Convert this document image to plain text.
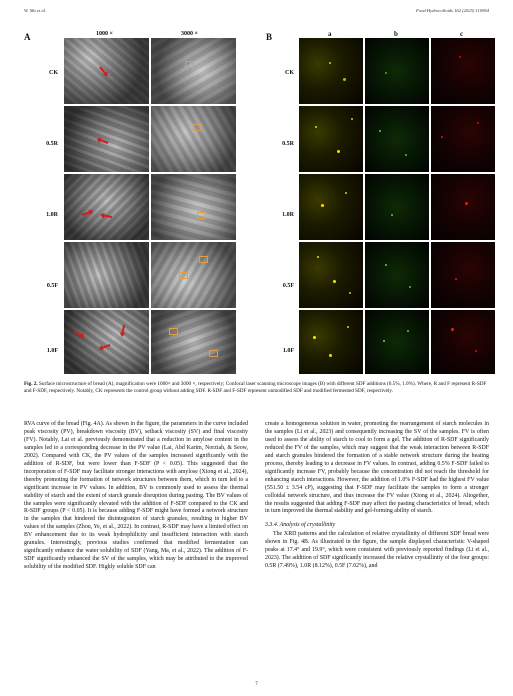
W. Ma et al.	Food Hydrocolloids 162 (2025) 110964
A	B
1000 ×	3000 ×	a	b	c
CK
0.5R
1.0R
0.5F
1.0F
CK
0.5R
1.0R
0.5F
1.0F
Fig. 2. Surface microstructure of bread (A), magnification were 1000× and 3000 ×, respectively; Confocal laser scanning microscope images (B) with different SDF additions (0.5%, 1.0%). Where, R and F represent R-SDF and F-SDF, respectively. Notably, CK represents the control group without adding SDF. R-SDF and F-SDF represent unmodified SDF and modified fermented SDF, respectively.

RVA curve of the bread (Fig. 4A). As shown in the figure, the parameters in the curve included peak viscosity (PV), breakdown viscosity (BV), setback viscosity (SV) and final viscosity (FV). Notably, Lai et al. previously demonstrated that a reduction in amylose content in the samples led to a corresponding decrease in the PV value (Lai, Abd Karim, Norziah, & Seow, 2002). Compared with CK, the PV values of the samples increased significantly with the addition of R-SDF, but were lower than F-SDF (P < 0.05). This suggested that the incorporation of F-SDF may facilitate stronger interactions with amylose (Xiong et al., 2024), thereby promoting the formation of network structures between them, which in turn led to a significant increase in PV values. In addition, BV is commonly used to assess the thermal stability of starch and the extent of starch granule disruption during pasting. The BV values of the samples were significantly elevated with the addition of F-SDF compared to the CK and R-SDF groups (P < 0.05). It is because adding F-SDF might have formed a network structure in the samples that hindered the disintegration of starch granules, resulting in higher BV values of the samples (Zhou, Ye, et al., 2022). In contrast, R-SDF may have a limited effect on BV enhancement due to its weak hydrophilicity and insufficient interaction with starch granules. Interestingly, previous studies confirmed that modified fermentation can significantly enhance the water solubility of SDF (Yang, Ma, et al., 2022). The addition of F-SDF significantly enhanced the SV of the samples, which may be attributed to the improved solubility of the modified SDF. Highly soluble SDF can

create a homogeneous solution in water, promoting the rearrangement of starch molecules in the samples (Li et al., 2023) and consequently increasing the SV of the samples. FV is often used to assess the ability of starch to cool to form a gel. The addition of R-SDF significantly reduced the FV of the samples, which may suggest that the weak interaction between R-SDF and starch granules hindered the formation of a stable network structure during the heating process, thereby leading to a decrease in FV values. In contrast, adding 0.5% F-SDF failed to significantly increase FV, probably because the concentration did not reach the threshold for enhancing starch interactions. However, the addition of 1.0% F-SDF had the highest FV value (551.50 ± 3.54 cP), suggesting that F-SDF may facilitate the samples to form a stronger colloidal network structure, and thus increase the FV value (Xiong et al., 2024). Altogether, the results suggested that adding F-SDF may affect the pasting characteristics of bread, which in turn improved the thermal stability and gel-forming ability of starch.

3.3.4. Analysis of crystallinity

The XRD patterns and the calculation of relative crystallinity of different SDF bread were shown in Fig. 4B. As illustrated in the figure, the sample displayed characteristic V-shaped peaks at 17.4° and 19.9°, which were consistent with previously reported findings (Li et al., 2023). The addition of SDF significantly increased the relative crystallinity of the four groups: 0.5R (7.49%), 1.0R (8.12%), 0.5F (7.02%), and

7
